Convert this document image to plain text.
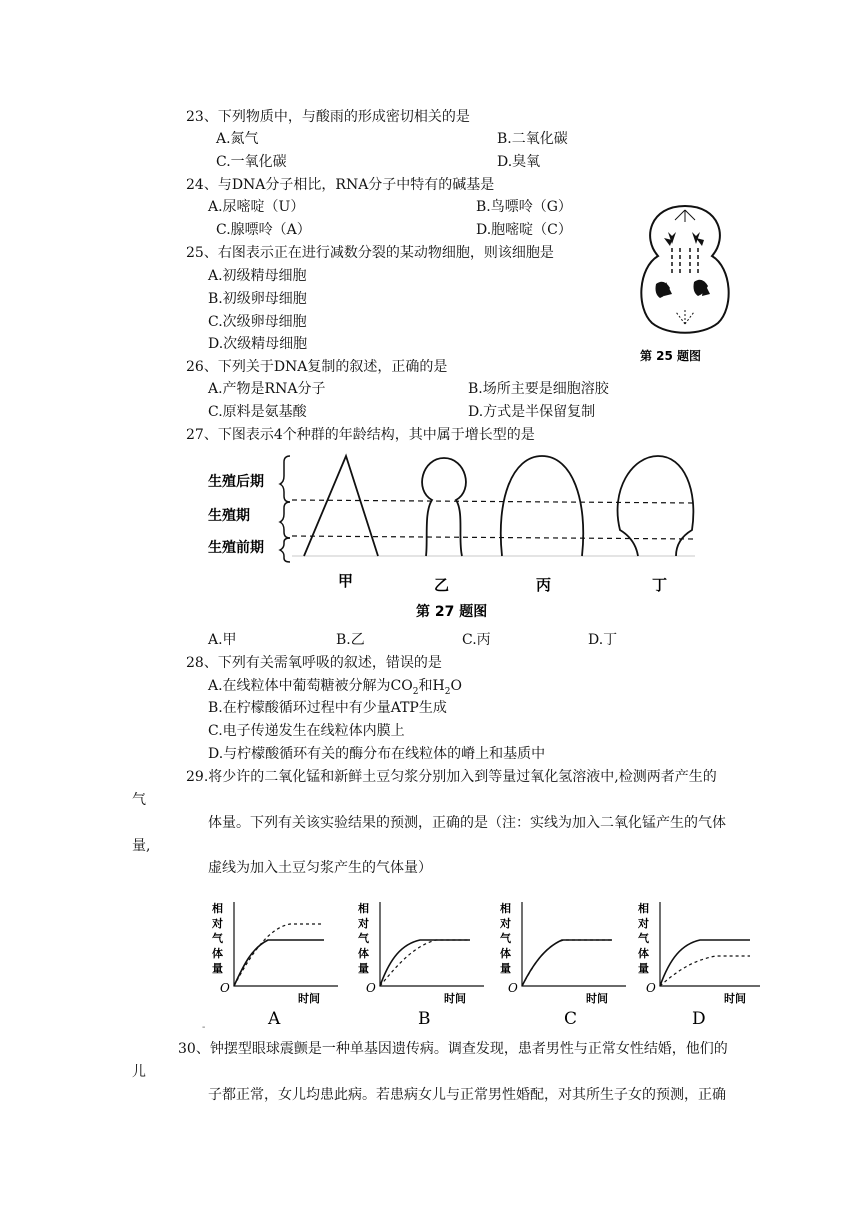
23、下列物质中，与酸雨的形成密切相关的是
A.氮气	B.二氧化碳
C.一氧化碳	D.臭氧
24、与DNA分子相比，RNA分子中特有的碱基是
A.尿嘧啶（U）	B.鸟嘌呤（G）
C.腺嘌呤（A）	D.胞嘧啶（C）
25、右图表示正在进行减数分裂的某动物细胞，则该细胞是
A.初级精母细胞
B.初级卵母细胞
C.次级卵母细胞
D.次级精母细胞
第 25 题图
26、下列关于DNA复制的叙述，正确的是
A.产物是RNA分子	B.场所主要是细胞溶胶
C.原料是氨基酸	D.方式是半保留复制
27、下图表示4个种群的年龄结构，其中属于增长型的是
生殖后期
生殖期
生殖前期
甲	乙	丙	丁
第 27 题图
A.甲	B.乙	C.丙	D.丁
28、下列有关需氧呼吸的叙述，错误的是
A.在线粒体中葡萄糖被分解为$CO_2$和$H_2O$
B.在柠檬酸循环过程中有少量ATP生成
C.电子传递发生在线粒体内膜上
D.与柠檬酸循环有关的酶分布在线粒体的嵴上和基质中
29.将少许的二氧化锰和新鲜土豆匀浆分别加入到等量过氧化氢溶液中,检测两者产生的
气
体量。下列有关该实验结果的预测，正确的是（注：实线为加入二氧化锰产生的气体
量,
虚线为加入土豆匀浆产生的气体量）
相
对
气
体
量
O
时间
相
对
气
体
量
O
时间
相
对
气
体
量
O
时间
相
对
气
体
量
O
时间
A	B	C	D
-
30、钟摆型眼球震颤是一种单基因遗传病。调查发现，患者男性与正常女性结婚，他们的
儿
子都正常，女儿均患此病。若患病女儿与正常男性婚配，对其所生子女的预测，正确
